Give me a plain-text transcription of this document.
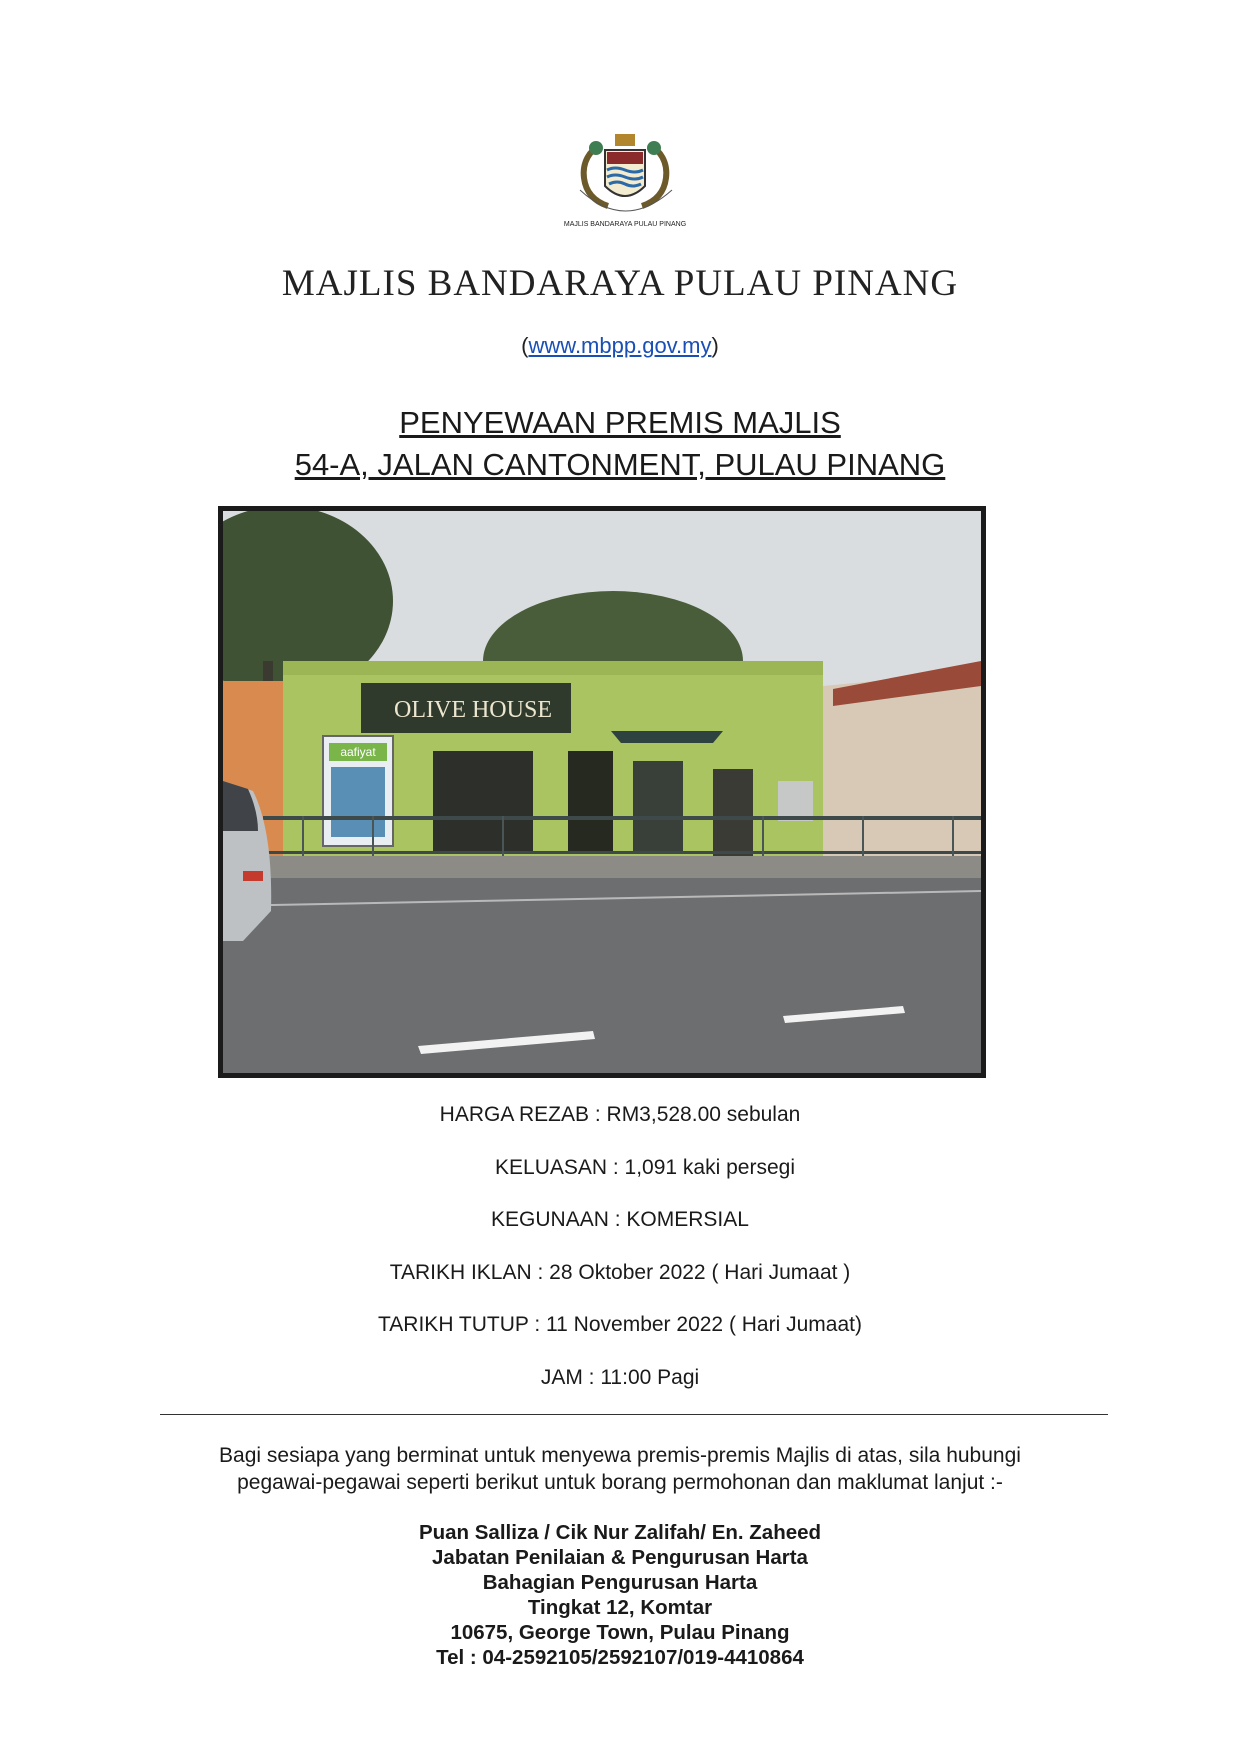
MAJLIS BANDARAYA PULAU PINANG
MAJLIS BANDARAYA PULAU PINANG
(www.mbpp.gov.my)
PENYEWAAN PREMIS MAJLIS
54-A, JALAN CANTONMENT, PULAU PINANG
OLIVE HOUSE
aafiyat
HARGA REZAB : RM3,528.00 sebulan
KELUASAN : 1,091 kaki persegi
KEGUNAAN : KOMERSIAL
TARIKH IKLAN : 28 Oktober 2022 ( Hari Jumaat )
TARIKH TUTUP : 11 November 2022 ( Hari Jumaat)
JAM : 11:00 Pagi
Bagi sesiapa yang berminat untuk menyewa premis-premis Majlis di atas, sila hubungi
pegawai-pegawai seperti berikut untuk borang permohonan dan maklumat lanjut :-
Puan Salliza / Cik Nur Zalifah/ En. Zaheed
Jabatan Penilaian & Pengurusan Harta
Bahagian Pengurusan Harta
Tingkat 12, Komtar
10675, George Town, Pulau Pinang
Tel : 04-2592105/2592107/019-4410864
